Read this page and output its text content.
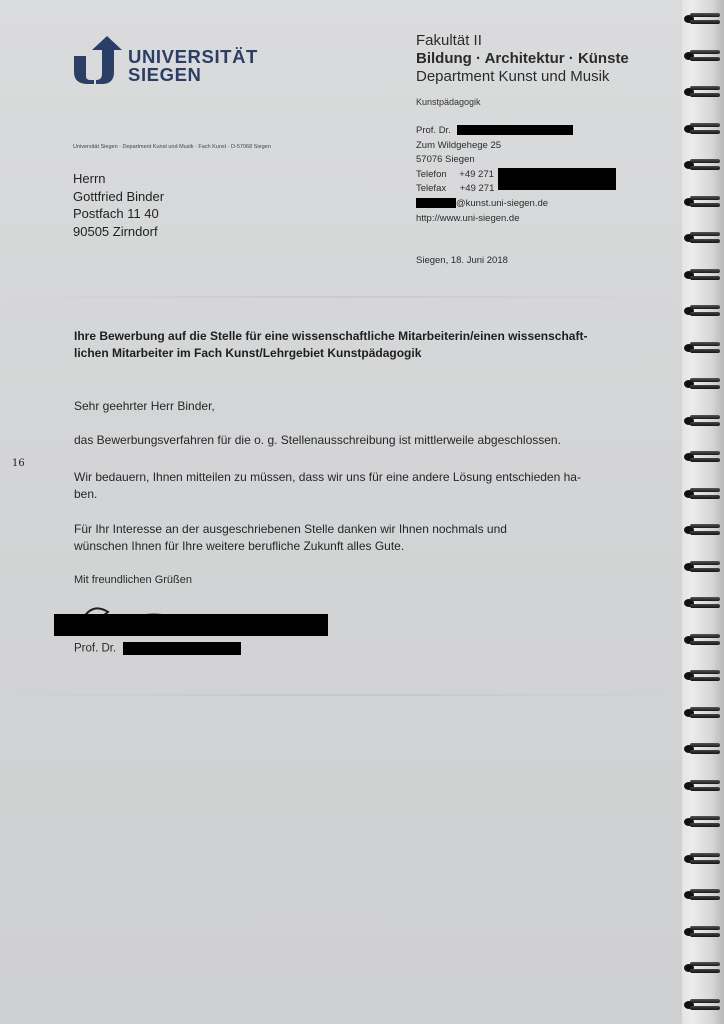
16
UNIVERSITÄT
SIEGEN
Fakultät II
Bildung · Architektur · Künste
Department Kunst und Musik
Kunstpädagogik
Prof. Dr.
Zum Wildgehege 25
57076 Siegen
Telefon +49 271
Telefax +49 271
@kunst.uni-siegen.de
http://www.uni-siegen.de
Siegen, 18. Juni 2018
Universität Siegen · Department Kunst und Musik · Fach Kunst · D-57068 Siegen
Herrn
Gottfried Binder
Postfach 11 40
90505 Zirndorf
Ihre Bewerbung auf die Stelle für eine wissenschaftliche Mitarbeiterin/einen wissenschaft-
lichen Mitarbeiter im Fach Kunst/Lehrgebiet Kunstpädagogik
Sehr geehrter Herr Binder,
das Bewerbungsverfahren für die o. g. Stellenausschreibung ist mittlerweile abgeschlossen.
Wir bedauern, Ihnen mitteilen zu müssen, dass wir uns für eine andere Lösung entschieden ha-
ben.
Für Ihr Interesse an der ausgeschriebenen Stelle danken wir Ihnen nochmals und
wünschen Ihnen für Ihre weitere berufliche Zukunft alles Gute.
Mit freundlichen Grüßen
Prof. Dr.
